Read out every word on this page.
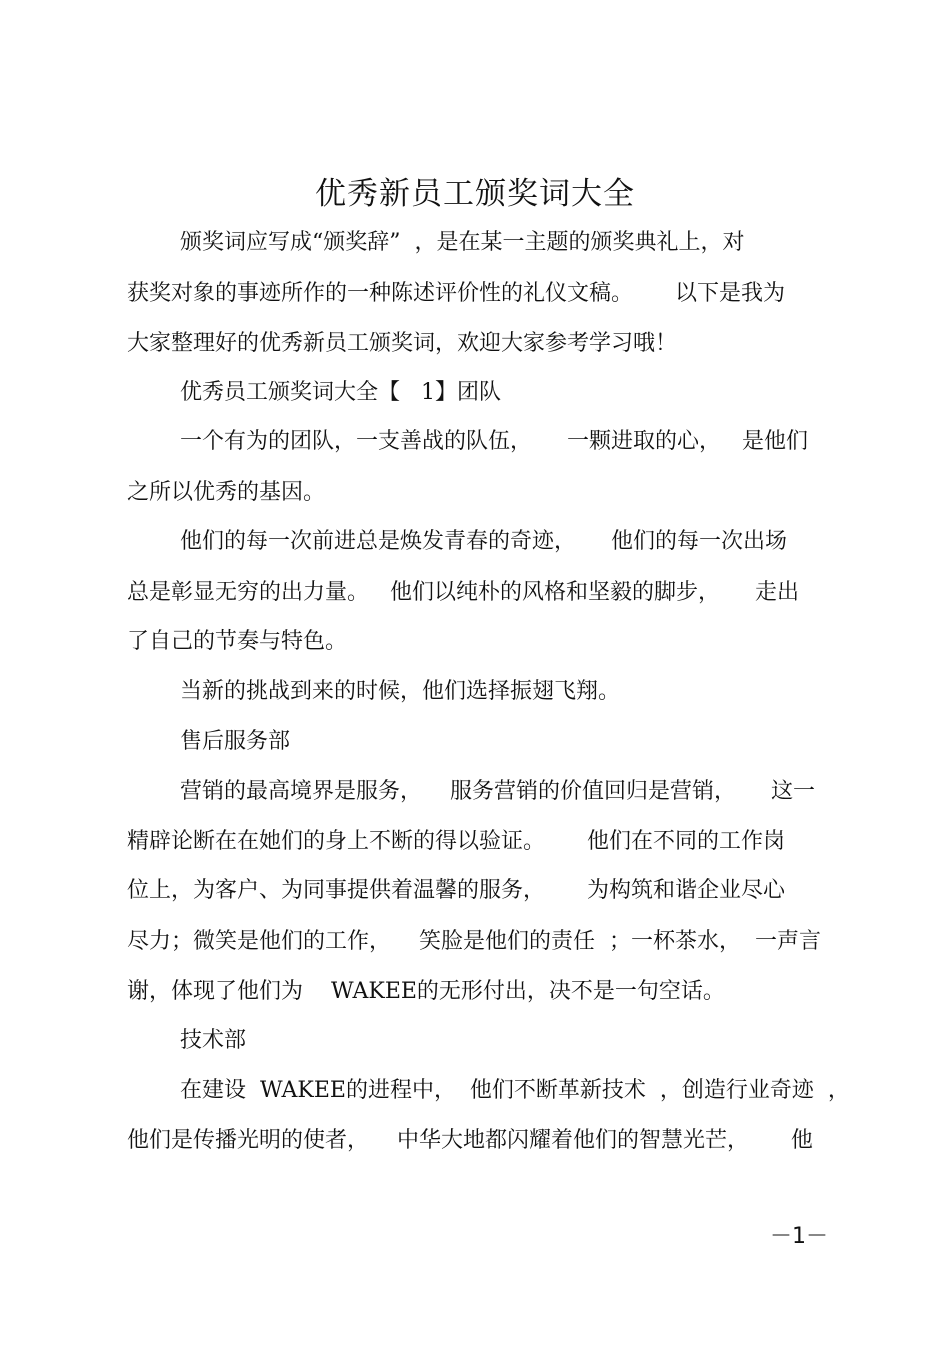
优秀新员工颁奖词大全
颁奖词应写成“颁奖辞”  ，是在某一主题的颁奖典礼上，对
获奖对象的事迹所作的一种陈述评价性的礼仪文稿。      以下是我为
大家整理好的优秀新员工颁奖词，欢迎大家参考学习哦！
优秀员工颁奖词大全【   1】团队
一个有为的团队，一支善战的队伍，     一颗进取的心，   是他们
之所以优秀的基因。
他们的每一次前进总是焕发青春的奇迹，     他们的每一次出场
总是彰显无穷的出力量。   他们以纯朴的风格和坚毅的脚步，     走出
了自己的节奏与特色。
当新的挑战到来的时候，他们选择振翅飞翔。
售后服务部
营销的最高境界是服务，    服务营销的价值回归是营销，     这一
精辟论断在在她们的身上不断的得以验证。      他们在不同的工作岗
位上，为客户、为同事提供着温馨的服务，      为构筑和谐企业尽心
尽力；微笑是他们的工作，    笑脸是他们的责任  ；一杯茶水，  一声言
谢，体现了他们为    WAKEE的无形付出，决不是一句空话。
技术部
在建设  WAKEE的进程中，  他们不断革新技术  ，创造行业奇迹  ，
他们是传播光明的使者，    中华大地都闪耀着他们的智慧光芒，      他
－1－
